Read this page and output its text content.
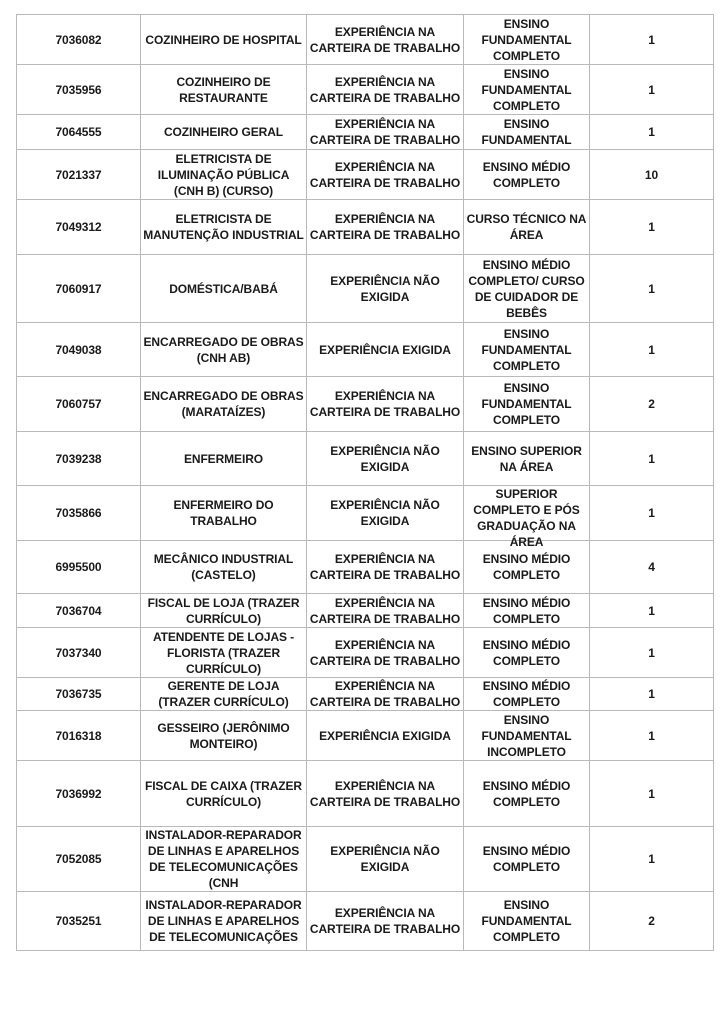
7036082	COZINHEIRO DE HOSPITAL	EXPERIÊNCIA NA CARTEIRA DE TRABALHO	ENSINO FUNDAMENTAL COMPLETO	1

7035956	COZINHEIRO DE RESTAURANTE	EXPERIÊNCIA NA CARTEIRA DE TRABALHO	ENSINO FUNDAMENTAL COMPLETO	1

7064555	COZINHEIRO GERAL	EXPERIÊNCIA NA CARTEIRA DE TRABALHO	ENSINO FUNDAMENTAL	1

7021337	ELETRICISTA DE ILUMINAÇÃO PÚBLICA (CNH B) (CURSO)	EXPERIÊNCIA NA CARTEIRA DE TRABALHO	ENSINO MÉDIO COMPLETO	10

7049312	ELETRICISTA DE MANUTENÇÃO INDUSTRIAL	EXPERIÊNCIA NA CARTEIRA DE TRABALHO	CURSO TÉCNICO NA ÁREA	1

7060917	DOMÉSTICA/BABÁ	EXPERIÊNCIA NÃO EXIGIDA	ENSINO MÉDIO COMPLETO/ CURSO DE CUIDADOR DE BEBÊS	1

7049038	ENCARREGADO DE OBRAS (CNH AB)	EXPERIÊNCIA EXIGIDA	ENSINO FUNDAMENTAL COMPLETO	1

7060757	ENCARREGADO DE OBRAS (MARATAÍZES)	EXPERIÊNCIA NA CARTEIRA DE TRABALHO	ENSINO FUNDAMENTAL COMPLETO	2

7039238	ENFERMEIRO	EXPERIÊNCIA NÃO EXIGIDA	ENSINO SUPERIOR NA ÁREA	1

7035866	ENFERMEIRO DO TRABALHO	EXPERIÊNCIA NÃO EXIGIDA	SUPERIOR COMPLETO E PÓS GRADUAÇÃO NA ÁREA	1

6995500	MECÂNICO INDUSTRIAL (CASTELO)	EXPERIÊNCIA NA CARTEIRA DE TRABALHO	ENSINO MÉDIO COMPLETO	4

7036704	FISCAL DE LOJA (TRAZER CURRÍCULO)	EXPERIÊNCIA NA CARTEIRA DE TRABALHO	ENSINO MÉDIO COMPLETO	1

7037340	ATENDENTE DE LOJAS - FLORISTA (TRAZER CURRÍCULO)	EXPERIÊNCIA NA CARTEIRA DE TRABALHO	ENSINO MÉDIO COMPLETO	1

7036735	GERENTE DE LOJA (TRAZER CURRÍCULO)	EXPERIÊNCIA NA CARTEIRA DE TRABALHO	ENSINO MÉDIO COMPLETO	1

7016318	GESSEIRO (JERÔNIMO MONTEIRO)	EXPERIÊNCIA EXIGIDA	ENSINO FUNDAMENTAL INCOMPLETO	1

7036992	FISCAL DE CAIXA (TRAZER CURRÍCULO)	EXPERIÊNCIA NA CARTEIRA DE TRABALHO	ENSINO MÉDIO COMPLETO	1

7052085	INSTALADOR-REPARADOR DE LINHAS E APARELHOS DE TELECOMUNICAÇÕES (CNH	EXPERIÊNCIA NÃO EXIGIDA	ENSINO MÉDIO COMPLETO	1

7035251	INSTALADOR-REPARADOR DE LINHAS E APARELHOS DE TELECOMUNICAÇÕES	EXPERIÊNCIA NA CARTEIRA DE TRABALHO	ENSINO FUNDAMENTAL COMPLETO	2
